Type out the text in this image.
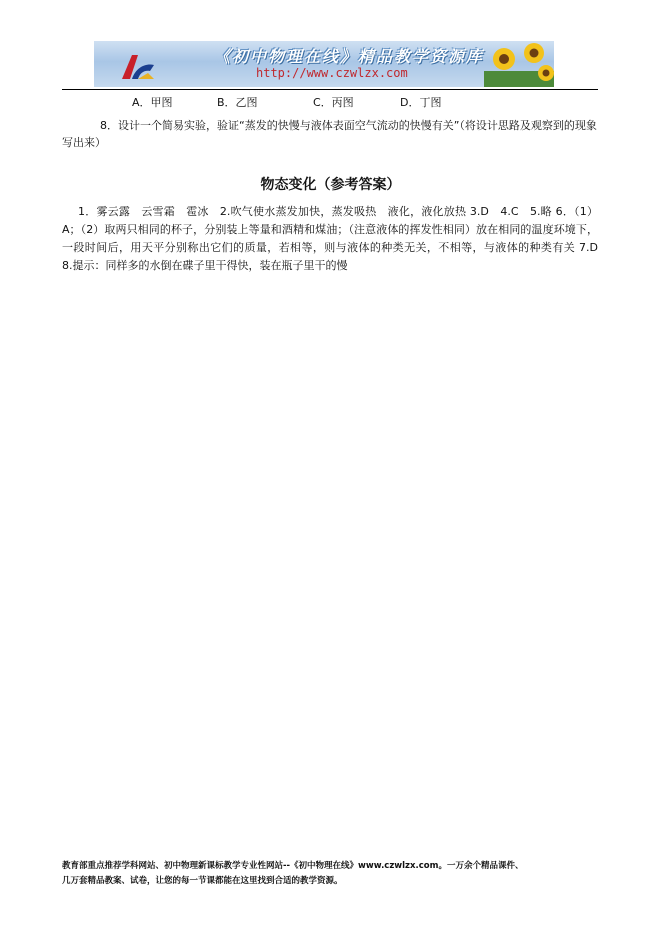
《初中物理在线》精品教学资源库
http://www.czwlzx.com
A．甲图	B．乙图	C．丙图	D．丁图

8．设计一个简易实验，验证“蒸发的快慢与液体表面空气流动的快慢有关”（将设计思路及观察到的现象写出来）

物态变化（参考答案）

1．雾云露　云雪霜　雹冰　2.吹气使水蒸发加快，蒸发吸热　液化，液化放热 3.D　4.C　5.略 6．（1）A；（2）取两只相同的杯子，分别装上等量和酒精和煤油；（注意液体的挥发性相同）放在相同的温度环境下，一段时间后，用天平分别称出它们的质量，若相等，则与液体的种类无关，不相等，与液体的种类有关 7.D　8.提示：同样多的水倒在碟子里干得快，装在瓶子里干的慢

教育部重点推荐学科网站、初中物理新课标教学专业性网站--《初中物理在线》www.czwlzx.com。一万余个精品课件、
几万套精品教案、试卷，让您的每一节课都能在这里找到合适的教学资源。
